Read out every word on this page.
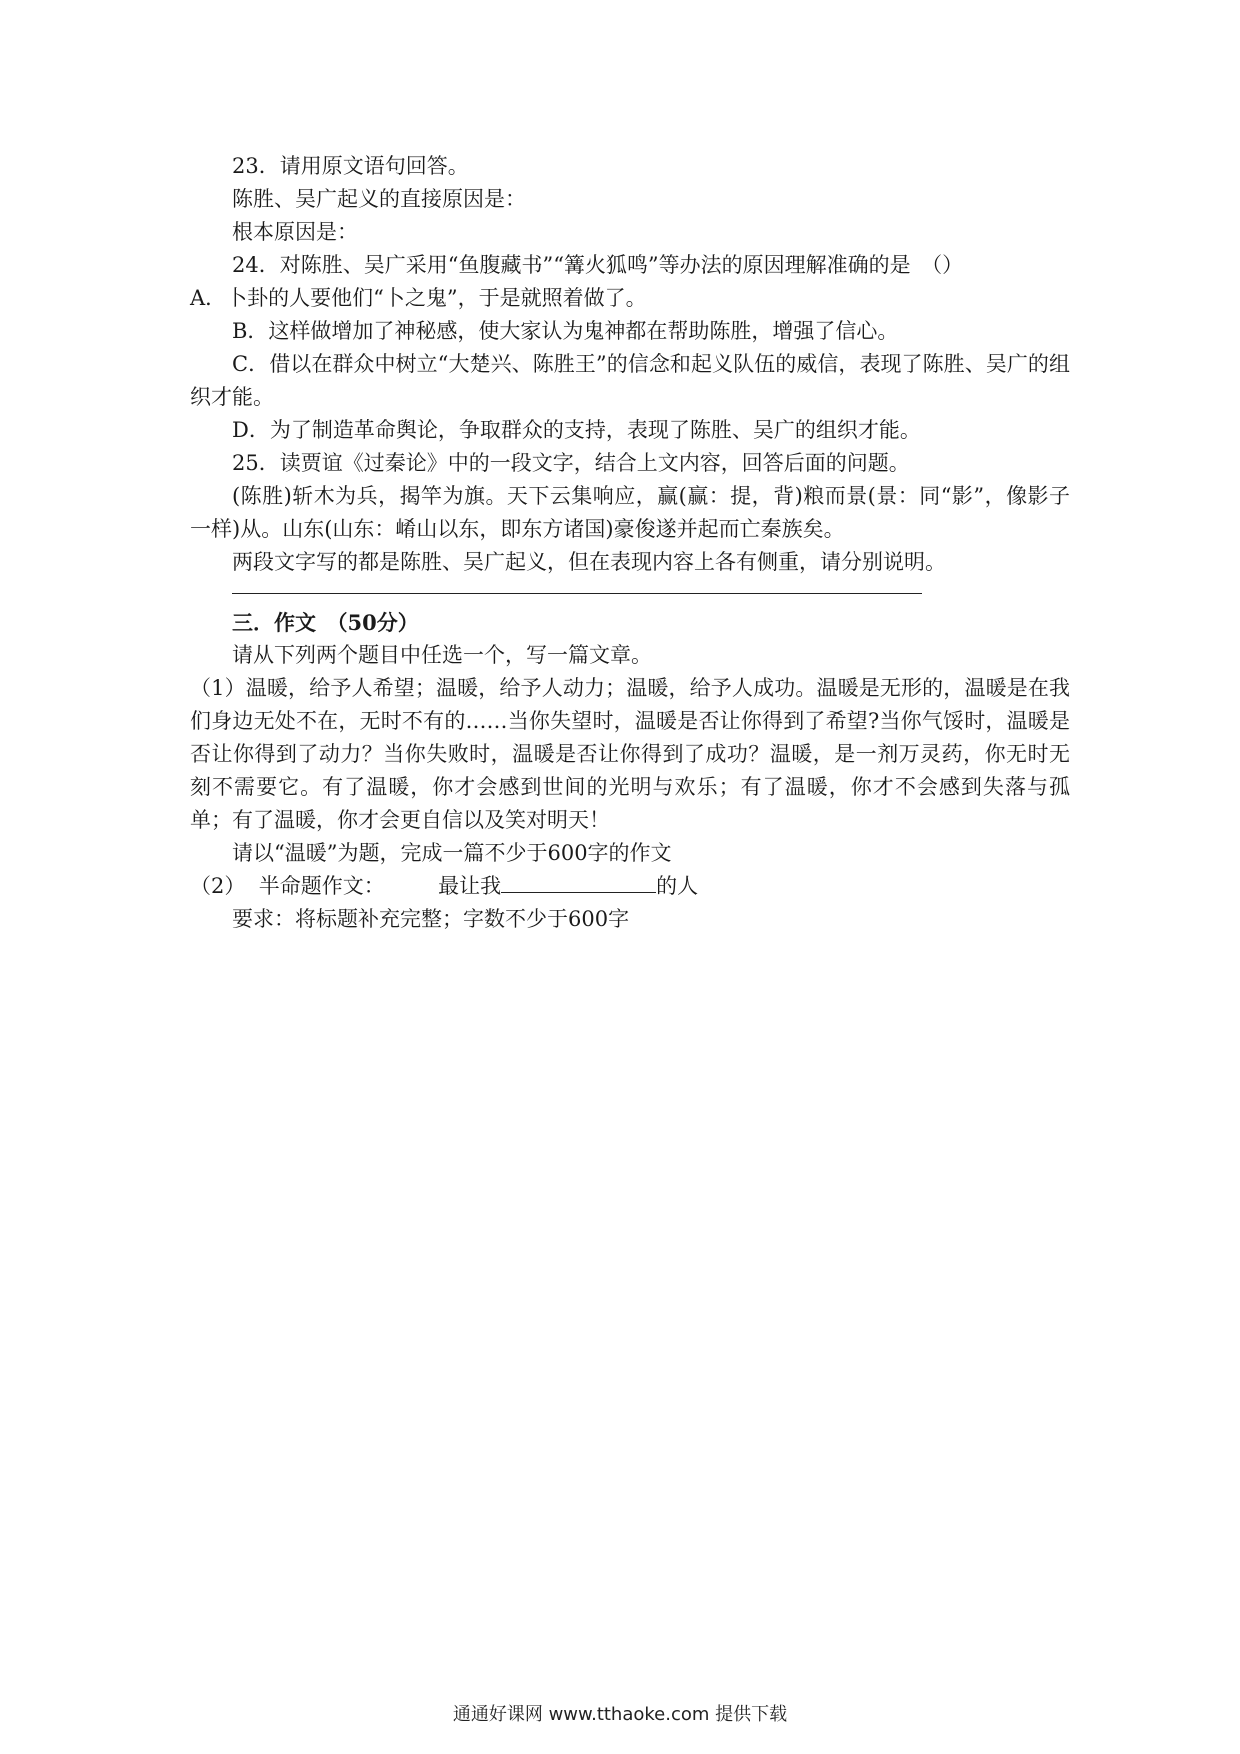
23．请用原文语句回答。
陈胜、吴广起义的直接原因是：
根本原因是：
24．对陈胜、吴广采用“鱼腹藏书”“篝火狐鸣”等办法的原因理解准确的是　（）
A．卜卦的人要他们“卜之鬼”，于是就照着做了。
B．这样做增加了神秘感，使大家认为鬼神都在帮助陈胜，增强了信心。
C．借以在群众中树立“大楚兴、陈胜王”的信念和起义队伍的威信，表现了陈胜、吴广的组织才能。
D．为了制造革命舆论，争取群众的支持，表现了陈胜、吴广的组织才能。
25．读贾谊《过秦论》中的一段文字，结合上文内容，回答后面的问题。
(陈胜)斩木为兵，揭竿为旗。天下云集响应，赢(赢：提，背)粮而景(景：同“影”，像影子一样)从。山东(山东：崤山以东，即东方诸国)豪俊遂并起而亡秦族矣。
两段文字写的都是陈胜、吴广起义，但在表现内容上各有侧重，请分别说明。
三．作文　（50分）
请从下列两个题目中任选一个，写一篇文章。
（1）温暖，给予人希望；温暖，给予人动力；温暖，给予人成功。温暖是无形的，温暖是在我们身边无处不在，无时不有的……当你失望时，温暖是否让你得到了希望?当你气馁时，温暖是否让你得到了动力？当你失败时，温暖是否让你得到了成功？温暖，是一剂万灵药，你无时无刻不需要它。有了温暖，你才会感到世间的光明与欢乐；有了温暖，你才不会感到失落与孤单；有了温暖，你才会更自信以及笑对明天！
请以“温暖”为题，完成一篇不少于600字的作文
（2）  半命题作文：	最让我	的人
要求：将标题补充完整；字数不少于600字
通通好课网 www.tthaoke.com 提供下载
